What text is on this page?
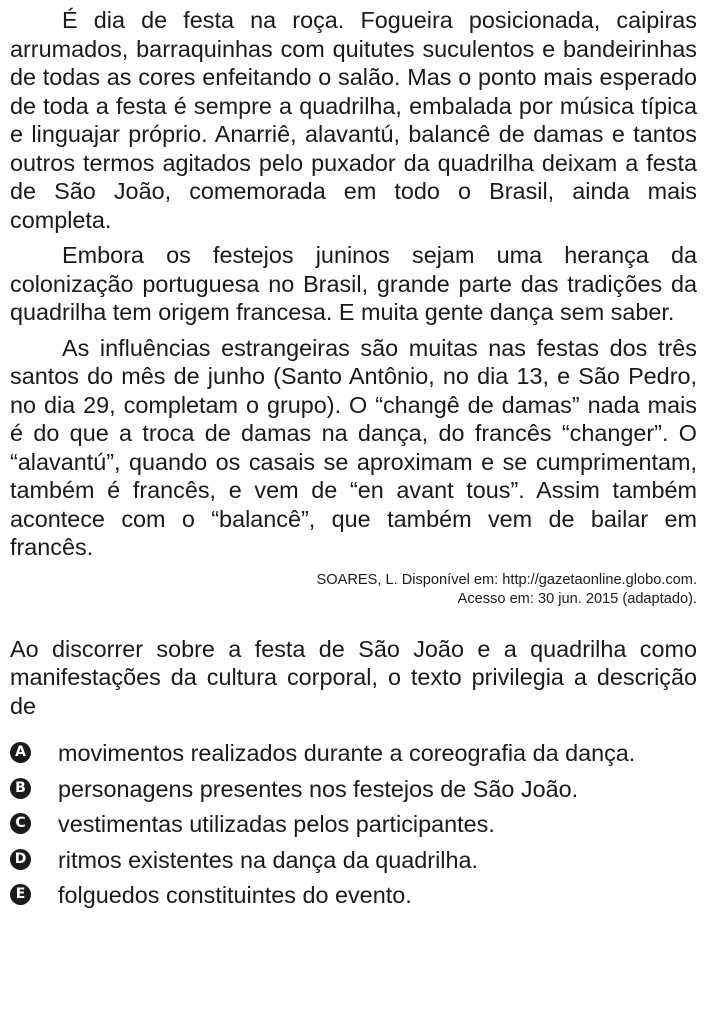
É dia de festa na roça. Fogueira posicionada, caipiras arrumados, barraquinhas com quitutes suculentos e bandeirinhas de todas as cores enfeitando o salão. Mas o ponto mais esperado de toda a festa é sempre a quadrilha, embalada por música típica e linguajar próprio. Anarriê, alavantú, balancê de damas e tantos outros termos agitados pelo puxador da quadrilha deixam a festa de São João, comemorada em todo o Brasil, ainda mais completa.

Embora os festejos juninos sejam uma herança da colonização portuguesa no Brasil, grande parte das tradições da quadrilha tem origem francesa. E muita gente dança sem saber.

As influências estrangeiras são muitas nas festas dos três santos do mês de junho (Santo Antônio, no dia 13, e São Pedro, no dia 29, completam o grupo). O “changê de damas” nada mais é do que a troca de damas na dança, do francês “changer”. O “alavantú”, quando os casais se aproximam e se cumprimentam, também é francês, e vem de “en avant tous”. Assim também acontece com o “balancê”, que também vem de bailar em francês.

SOARES, L. Disponível em: http://gazetaonline.globo.com.
Acesso em: 30 jun. 2015 (adaptado).

Ao discorrer sobre a festa de São João e a quadrilha como manifestações da cultura corporal, o texto privilegia a descrição de

A movimentos realizados durante a coreografia da dança.
B personagens presentes nos festejos de São João.
C vestimentas utilizadas pelos participantes.
D ritmos existentes na dança da quadrilha.
E folguedos constituintes do evento.
